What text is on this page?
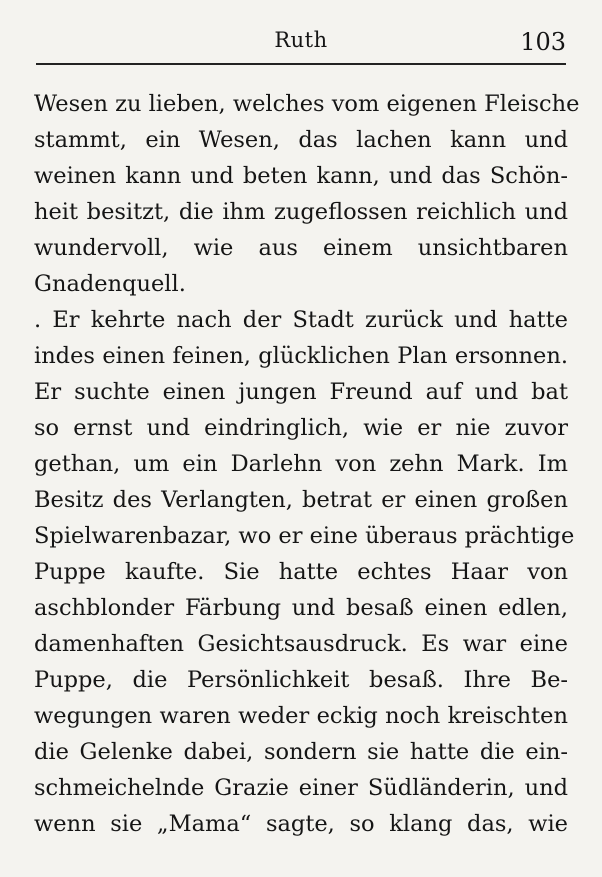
Ruth	103
Wesen zu lieben, welches vom eigenen Fleische
stammt, ein Wesen, das lachen kann und
weinen kann und beten kann, und das Schön-
heit besitzt, die ihm zugeflossen reichlich und
wundervoll, wie aus einem unsichtbaren
Gnadenquell.
. Er kehrte nach der Stadt zurück und hatte
indes einen feinen, glücklichen Plan ersonnen.
Er suchte einen jungen Freund auf und bat
so ernst und eindringlich, wie er nie zuvor
gethan, um ein Darlehn von zehn Mark. Im
Besitz des Verlangten, betrat er einen großen
Spielwarenbazar, wo er eine überaus prächtige
Puppe kaufte. Sie hatte echtes Haar von
aschblonder Färbung und besaß einen edlen,
damenhaften Gesichtsausdruck. Es war eine
Puppe, die Persönlichkeit besaß. Ihre Be-
wegungen waren weder eckig noch kreischten
die Gelenke dabei, sondern sie hatte die ein-
schmeichelnde Grazie einer Südländerin, und
wenn sie „Mama“ sagte, so klang das, wie
